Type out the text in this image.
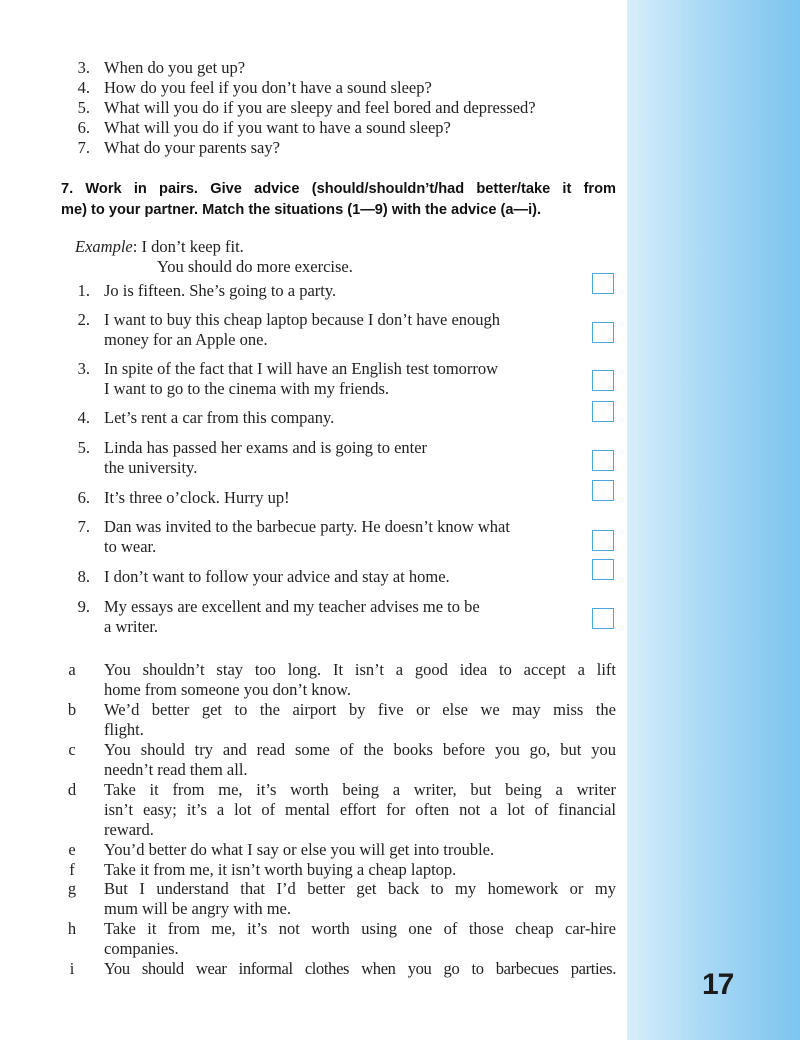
17
3. When do you get up?
4. How do you feel if you don’t have a sound sleep?
5. What will you do if you are sleepy and feel bored and depressed?
6. What will you do if you want to have a sound sleep?
7. What do your parents say?
7. Work in pairs. Give advice (should/shouldn’t/had better/take it from
me) to your partner. Match the situations (1—9) with the advice (a—i).
Example: I don’t keep fit.
You should do more exercise.
1. Jo is fifteen. She’s going to a party.
2. I want to buy this cheap laptop because I don’t have enough
money for an Apple one.
3. In spite of the fact that I will have an English test tomorrow
I want to go to the cinema with my friends.
4. Let’s rent a car from this company.
5. Linda has passed her exams and is going to enter
the university.
6. It’s three o’clock. Hurry up!
7. Dan was invited to the barbecue party. He doesn’t know what
to wear.
8. I don’t want to follow your advice and stay at home.
9. My essays are excellent and my teacher advises me to be
a writer.
a	You shouldn’t stay too long. It isn’t a good idea to accept a lift
home from someone you don’t know.
b	We’d better get to the airport by five or else we may miss the
flight.
c	You should try and read some of the books before you go, but you
needn’t read them all.
d	Take it from me, it’s worth being a writer, but being a writer
isn’t easy; it’s a lot of mental effort for often not a lot of financial
reward.
e	You’d better do what I say or else you will get into trouble.
f	Take it from me, it isn’t worth buying a cheap laptop.
g	But I understand that I’d better get back to my homework or my
mum will be angry with me.
h	Take it from me, it’s not worth using one of those cheap car-hire
companies.
i	You should wear informal clothes when you go to barbecues parties.
